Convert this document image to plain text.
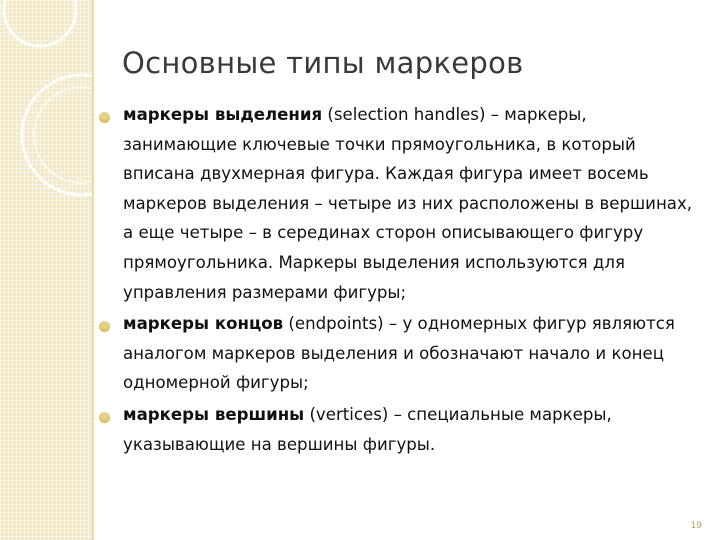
Основные типы маркеров
маркеры выделения (selection handles) – маркеры, занимающие ключевые точки прямоугольника, в который вписана двухмерная фигура. Каждая фигура имеет восемь маркеров выделения – четыре из них расположены в вершинах, а еще четыре – в серединах сторон описывающего фигуру прямоугольника. Маркеры выделения используются для управления размерами фигуры;
маркеры концов (endpoints) – у одномерных фигур являются аналогом маркеров выделения и обозначают начало и конец одномерной фигуры;
маркеры вершины (vertices) – специальные маркеры, указывающие на вершины фигуры.
19
